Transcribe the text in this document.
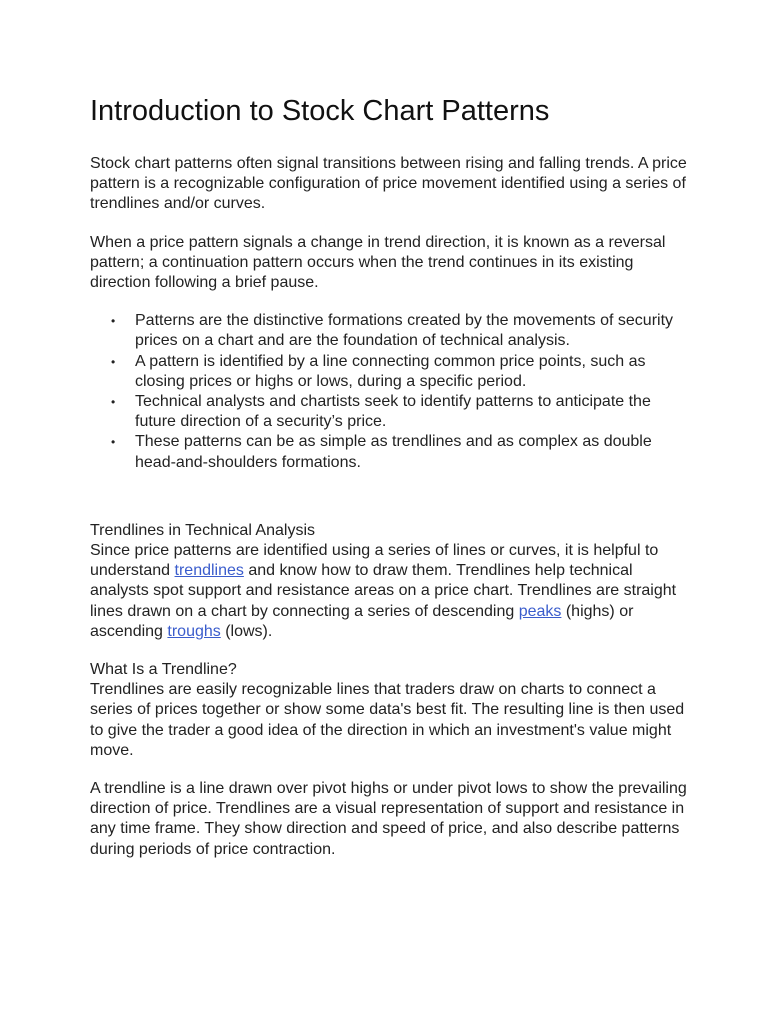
Introduction to Stock Chart Patterns

Stock chart patterns often signal transitions between rising and falling trends. A price pattern is a recognizable configuration of price movement identified using a series of trendlines and/or curves.

When a price pattern signals a change in trend direction, it is known as a reversal pattern; a continuation pattern occurs when the trend continues in its existing direction following a brief pause.

• Patterns are the distinctive formations created by the movements of security prices on a chart and are the foundation of technical analysis.
• A pattern is identified by a line connecting common price points, such as closing prices or highs or lows, during a specific period.
• Technical analysts and chartists seek to identify patterns to anticipate the future direction of a security’s price.
• These patterns can be as simple as trendlines and as complex as double head-and-shoulders formations.
Trendlines in Technical Analysis

Since price patterns are identified using a series of lines or curves, it is helpful to understand trendlines and know how to draw them. Trendlines help technical analysts spot support and resistance areas on a price chart. Trendlines are straight lines drawn on a chart by connecting a series of descending peaks (highs) or ascending troughs (lows).

What Is a Trendline?

Trendlines are easily recognizable lines that traders draw on charts to connect a series of prices together or show some data's best fit. The resulting line is then used to give the trader a good idea of the direction in which an investment's value might move.

A trendline is a line drawn over pivot highs or under pivot lows to show the prevailing direction of price. Trendlines are a visual representation of support and resistance in any time frame. They show direction and speed of price, and also describe patterns during periods of price contraction.
